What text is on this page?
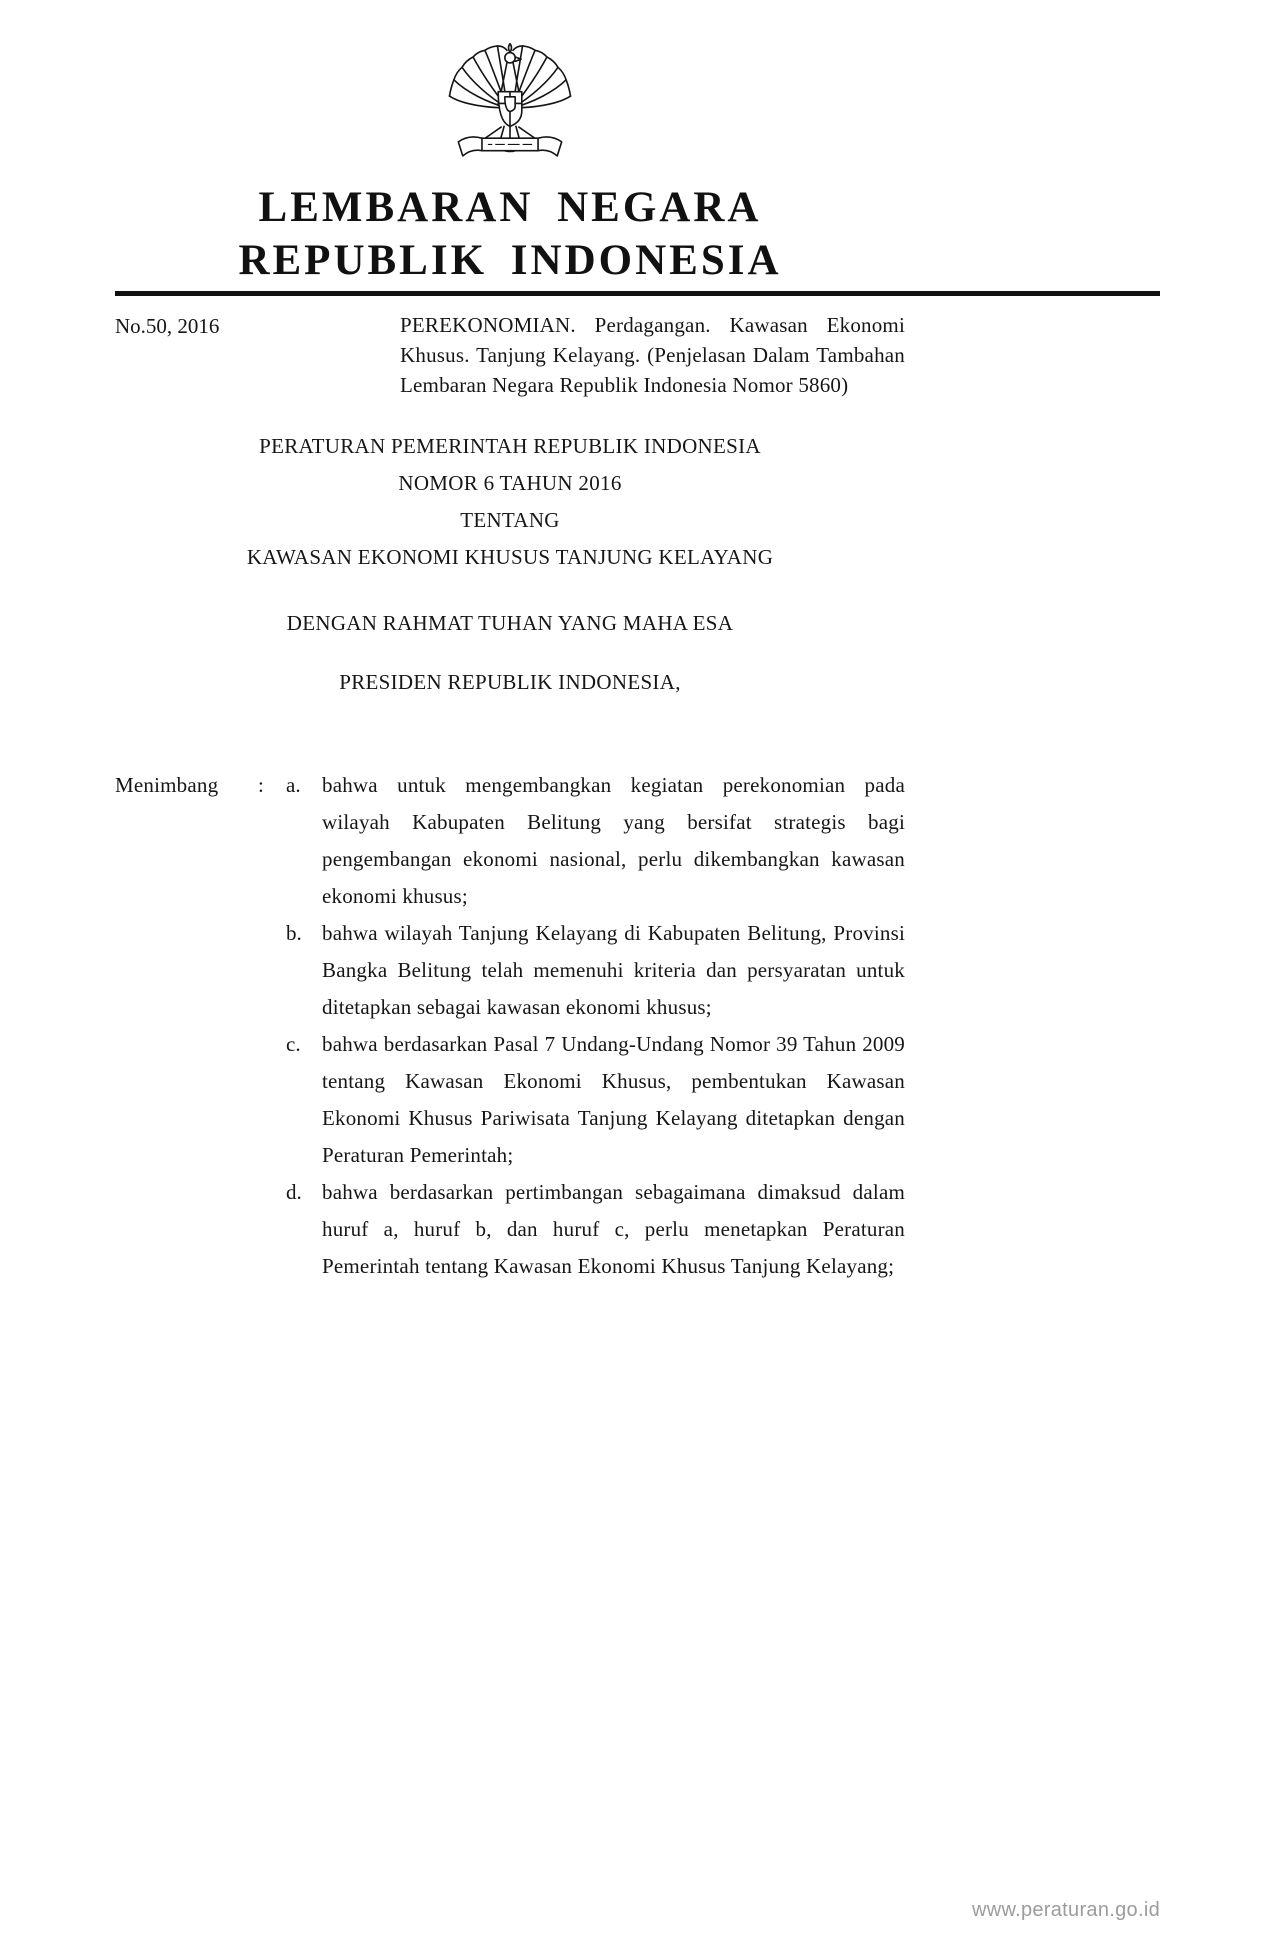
LEMBARAN NEGARA
REPUBLIK INDONESIA
No.50, 2016	PEREKONOMIAN. Perdagangan. Kawasan Ekonomi Khusus. Tanjung Kelayang. (Penjelasan Dalam Tambahan Lembaran Negara Republik Indonesia Nomor 5860)
PERATURAN PEMERINTAH REPUBLIK INDONESIA
NOMOR 6 TAHUN 2016
TENTANG
KAWASAN EKONOMI KHUSUS TANJUNG KELAYANG
DENGAN RAHMAT TUHAN YANG MAHA ESA
PRESIDEN REPUBLIK INDONESIA,
Menimbang	:	a.	bahwa untuk mengembangkan kegiatan perekonomian pada wilayah Kabupaten Belitung yang bersifat strategis bagi pengembangan ekonomi nasional, perlu dikembangkan kawasan ekonomi khusus;
b. bahwa wilayah Tanjung Kelayang di Kabupaten Belitung, Provinsi Bangka Belitung telah memenuhi kriteria dan persyaratan untuk ditetapkan sebagai kawasan ekonomi khusus;
c.	bahwa berdasarkan Pasal 7 Undang-Undang Nomor 39 Tahun 2009 tentang Kawasan Ekonomi Khusus, pembentukan Kawasan Ekonomi Khusus Pariwisata Tanjung Kelayang ditetapkan dengan Peraturan Pemerintah;
d. bahwa berdasarkan pertimbangan sebagaimana dimaksud dalam huruf a, huruf b, dan huruf c, perlu menetapkan Peraturan Pemerintah tentang Kawasan Ekonomi Khusus Tanjung Kelayang;
www.peraturan.go.id
